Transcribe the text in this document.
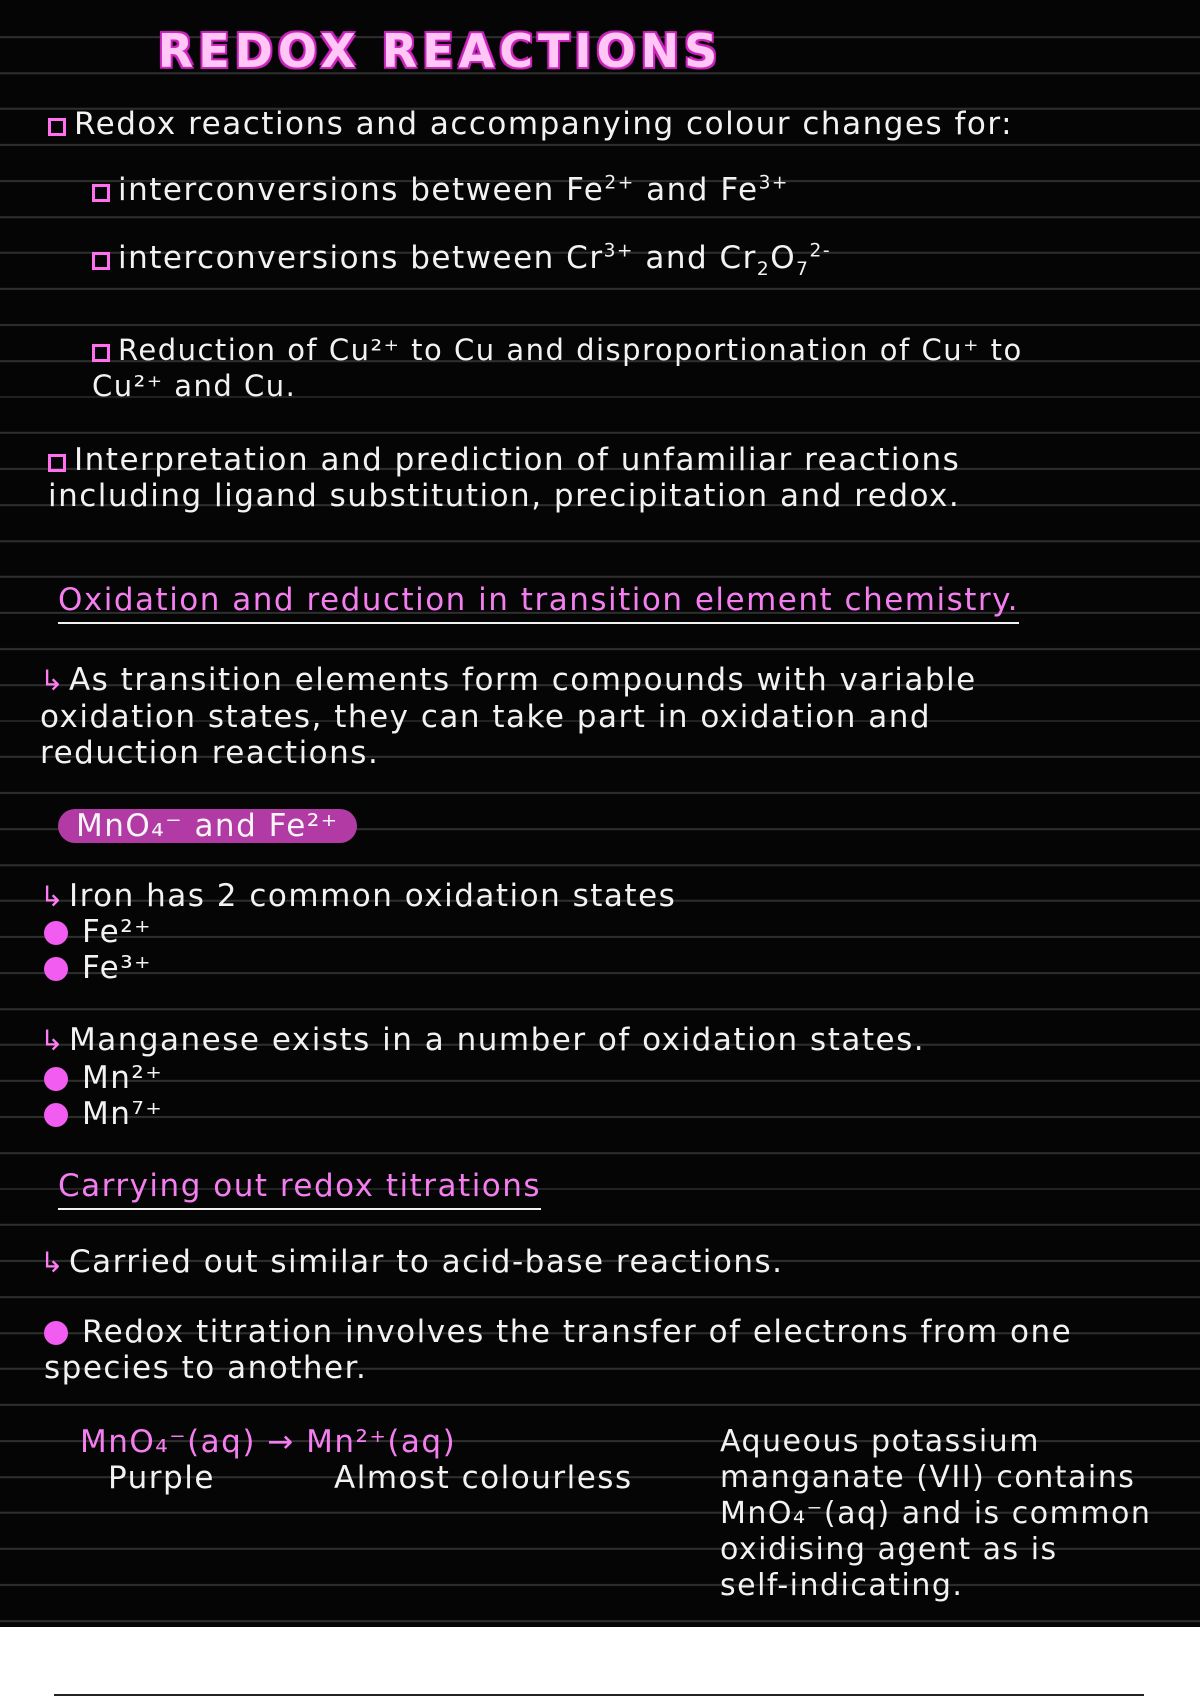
REDOX REACTIONS
Redox reactions and accompanying colour changes for:
interconversions between $Fe^{2+}$ and $Fe^{3+}$
interconversions between $Cr^{3+}$ and $Cr_2O_7^{2-}$
Reduction of Cu²⁺ to Cu and disproportionation of Cu⁺ to
Cu²⁺ and Cu.
Interpretation and prediction of unfamiliar reactions
including ligand substitution, precipitation and redox.
Oxidation and reduction in transition element chemistry.
↳ As transition elements form compounds with variable
oxidation states, they can take part in oxidation and
reduction reactions.
MnO₄⁻ and Fe²⁺
↳ Iron has 2 common oxidation states
Fe²⁺
Fe³⁺
↳ Manganese exists in a number of oxidation states.
Mn²⁺
Mn⁷⁺
Carrying out redox titrations
↳ Carried out similar to acid-base reactions.
Redox titration involves the transfer of electrons from one
species to another.
MnO₄⁻(aq) → Mn²⁺(aq)
Purple	Almost colourless
Aqueous potassium
manganate (VII) contains
MnO₄⁻(aq) and is common
oxidising agent as is
self-indicating.
